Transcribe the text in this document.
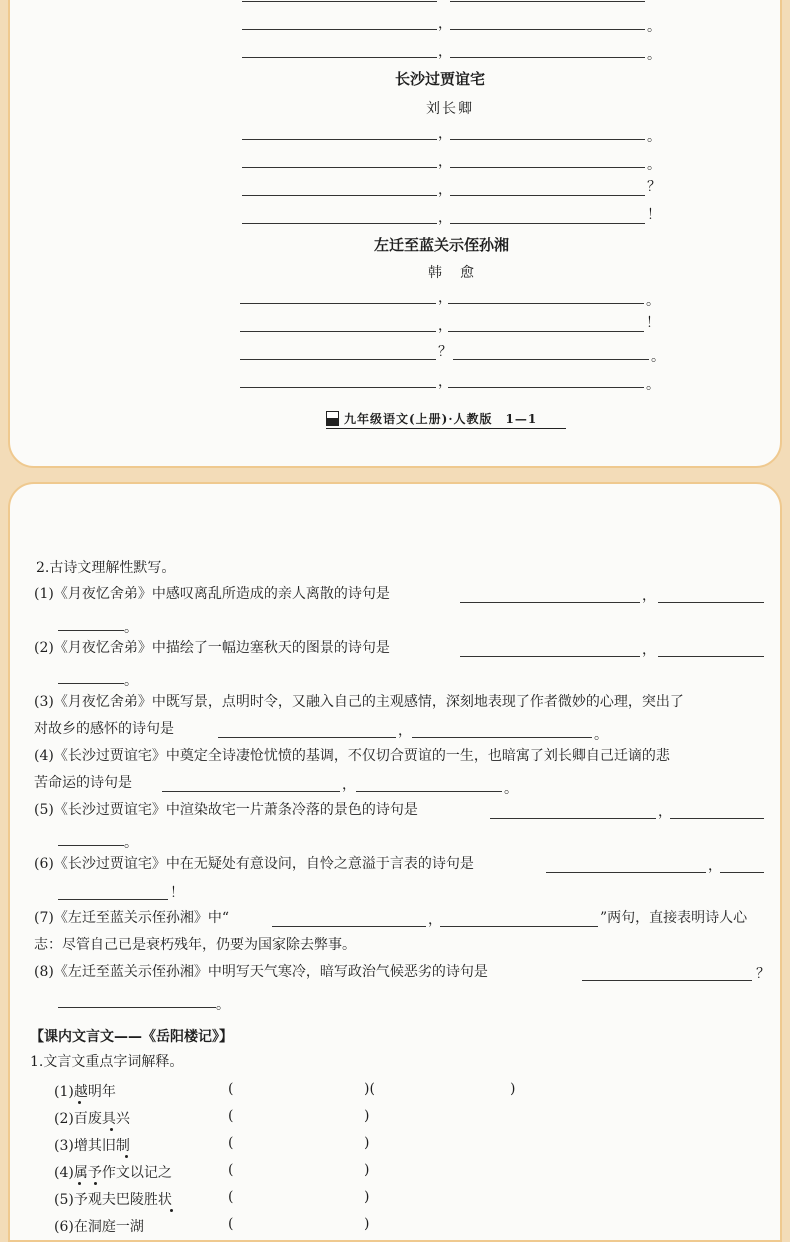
，	。
，	。
长沙过贾谊宅
刘长卿
，	。
，	。
，	？
，	！
左迁至蓝关示侄孙湘
韩　愈
，	。
，	！
？	。
，	。
九年级语文(上册)·人教版　1—1
2.古诗文理解性默写。
(1)《月夜忆舍弟》中感叹离乱所造成的亲人离散的诗句是	，
。
(2)《月夜忆舍弟》中描绘了一幅边塞秋天的图景的诗句是	，
。
(3)《月夜忆舍弟》中既写景，点明时令，又融入自己的主观感情，深刻地表现了作者微妙的心理，突出了
对故乡的感怀的诗句是	，	。
(4)《长沙过贾谊宅》中奠定全诗凄怆忧愤的基调，不仅切合贾谊的一生，也暗寓了刘长卿自己迁谪的悲
苦命运的诗句是	，	。
(5)《长沙过贾谊宅》中渲染故宅一片萧条冷落的景色的诗句是	，
。
(6)《长沙过贾谊宅》中在无疑处有意设问，自怜之意溢于言表的诗句是	，
！
(7)《左迁至蓝关示侄孙湘》中“	，	”两句，直接表明诗人心
志：尽管自己已是衰朽残年，仍要为国家除去弊事。
(8)《左迁至蓝关示侄孙湘》中明写天气寒冷，暗写政治气候恶劣的诗句是	？
。
【课内文言文——《岳阳楼记》】
1.文言文重点字词解释。
(1)越明年	(	)(	)
(2)百废具兴	(	)
(3)增其旧制	(	)
(4)属予作文以记之	(	)
(5)予观夫巴陵胜状	(	)
(6)在洞庭一湖	(	)
